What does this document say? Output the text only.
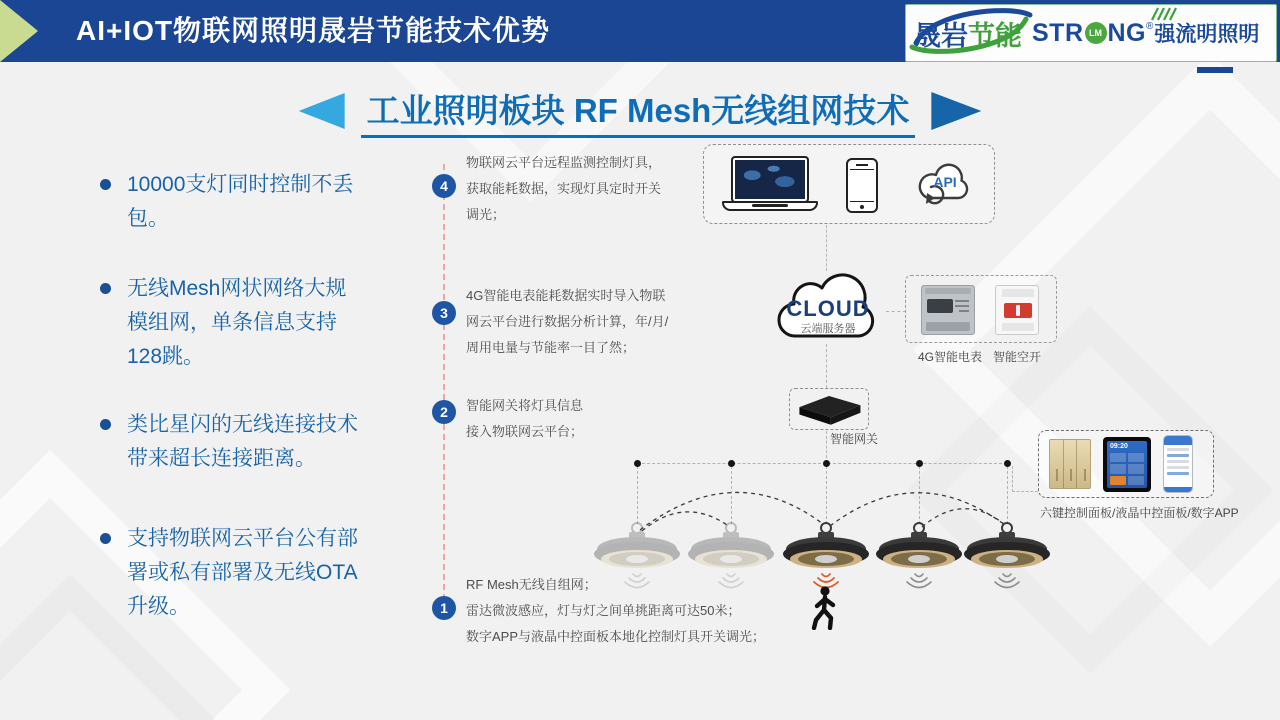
AI+IOT物联网照明晟岩节能技术优势	晟岩 节能 STR LM NG ® 强流明照明
工业照明板块 RF Mesh无线组网技术
10000支灯同时控制不丢包。
无线Mesh网状网络大规模组网，单条信息支持128跳。
类比星闪的无线连接技术带来超长连接距离。
支持物联网云平台公有部署或私有部署及无线OTA升级。
4
3
2
1
物联网云平台远程监测控制灯具，
获取能耗数据，实现灯具定时开关
调光；
4G智能电表能耗数据实时导入物联
网云平台进行数据分析计算，年/月/
周用电量与节能率一目了然；
智能网关将灯具信息
接入物联网云平台；
RF Mesh无线自组网；
雷达微波感应，灯与灯之间单挑距离可达50米；
数字APP与液晶中控面板本地化控制灯具开关调光；
API
CLOUD
云端服务器
4G智能电表 智能空开
智能网关
09:20
六键控制面板/液晶中控面板/数字APP
